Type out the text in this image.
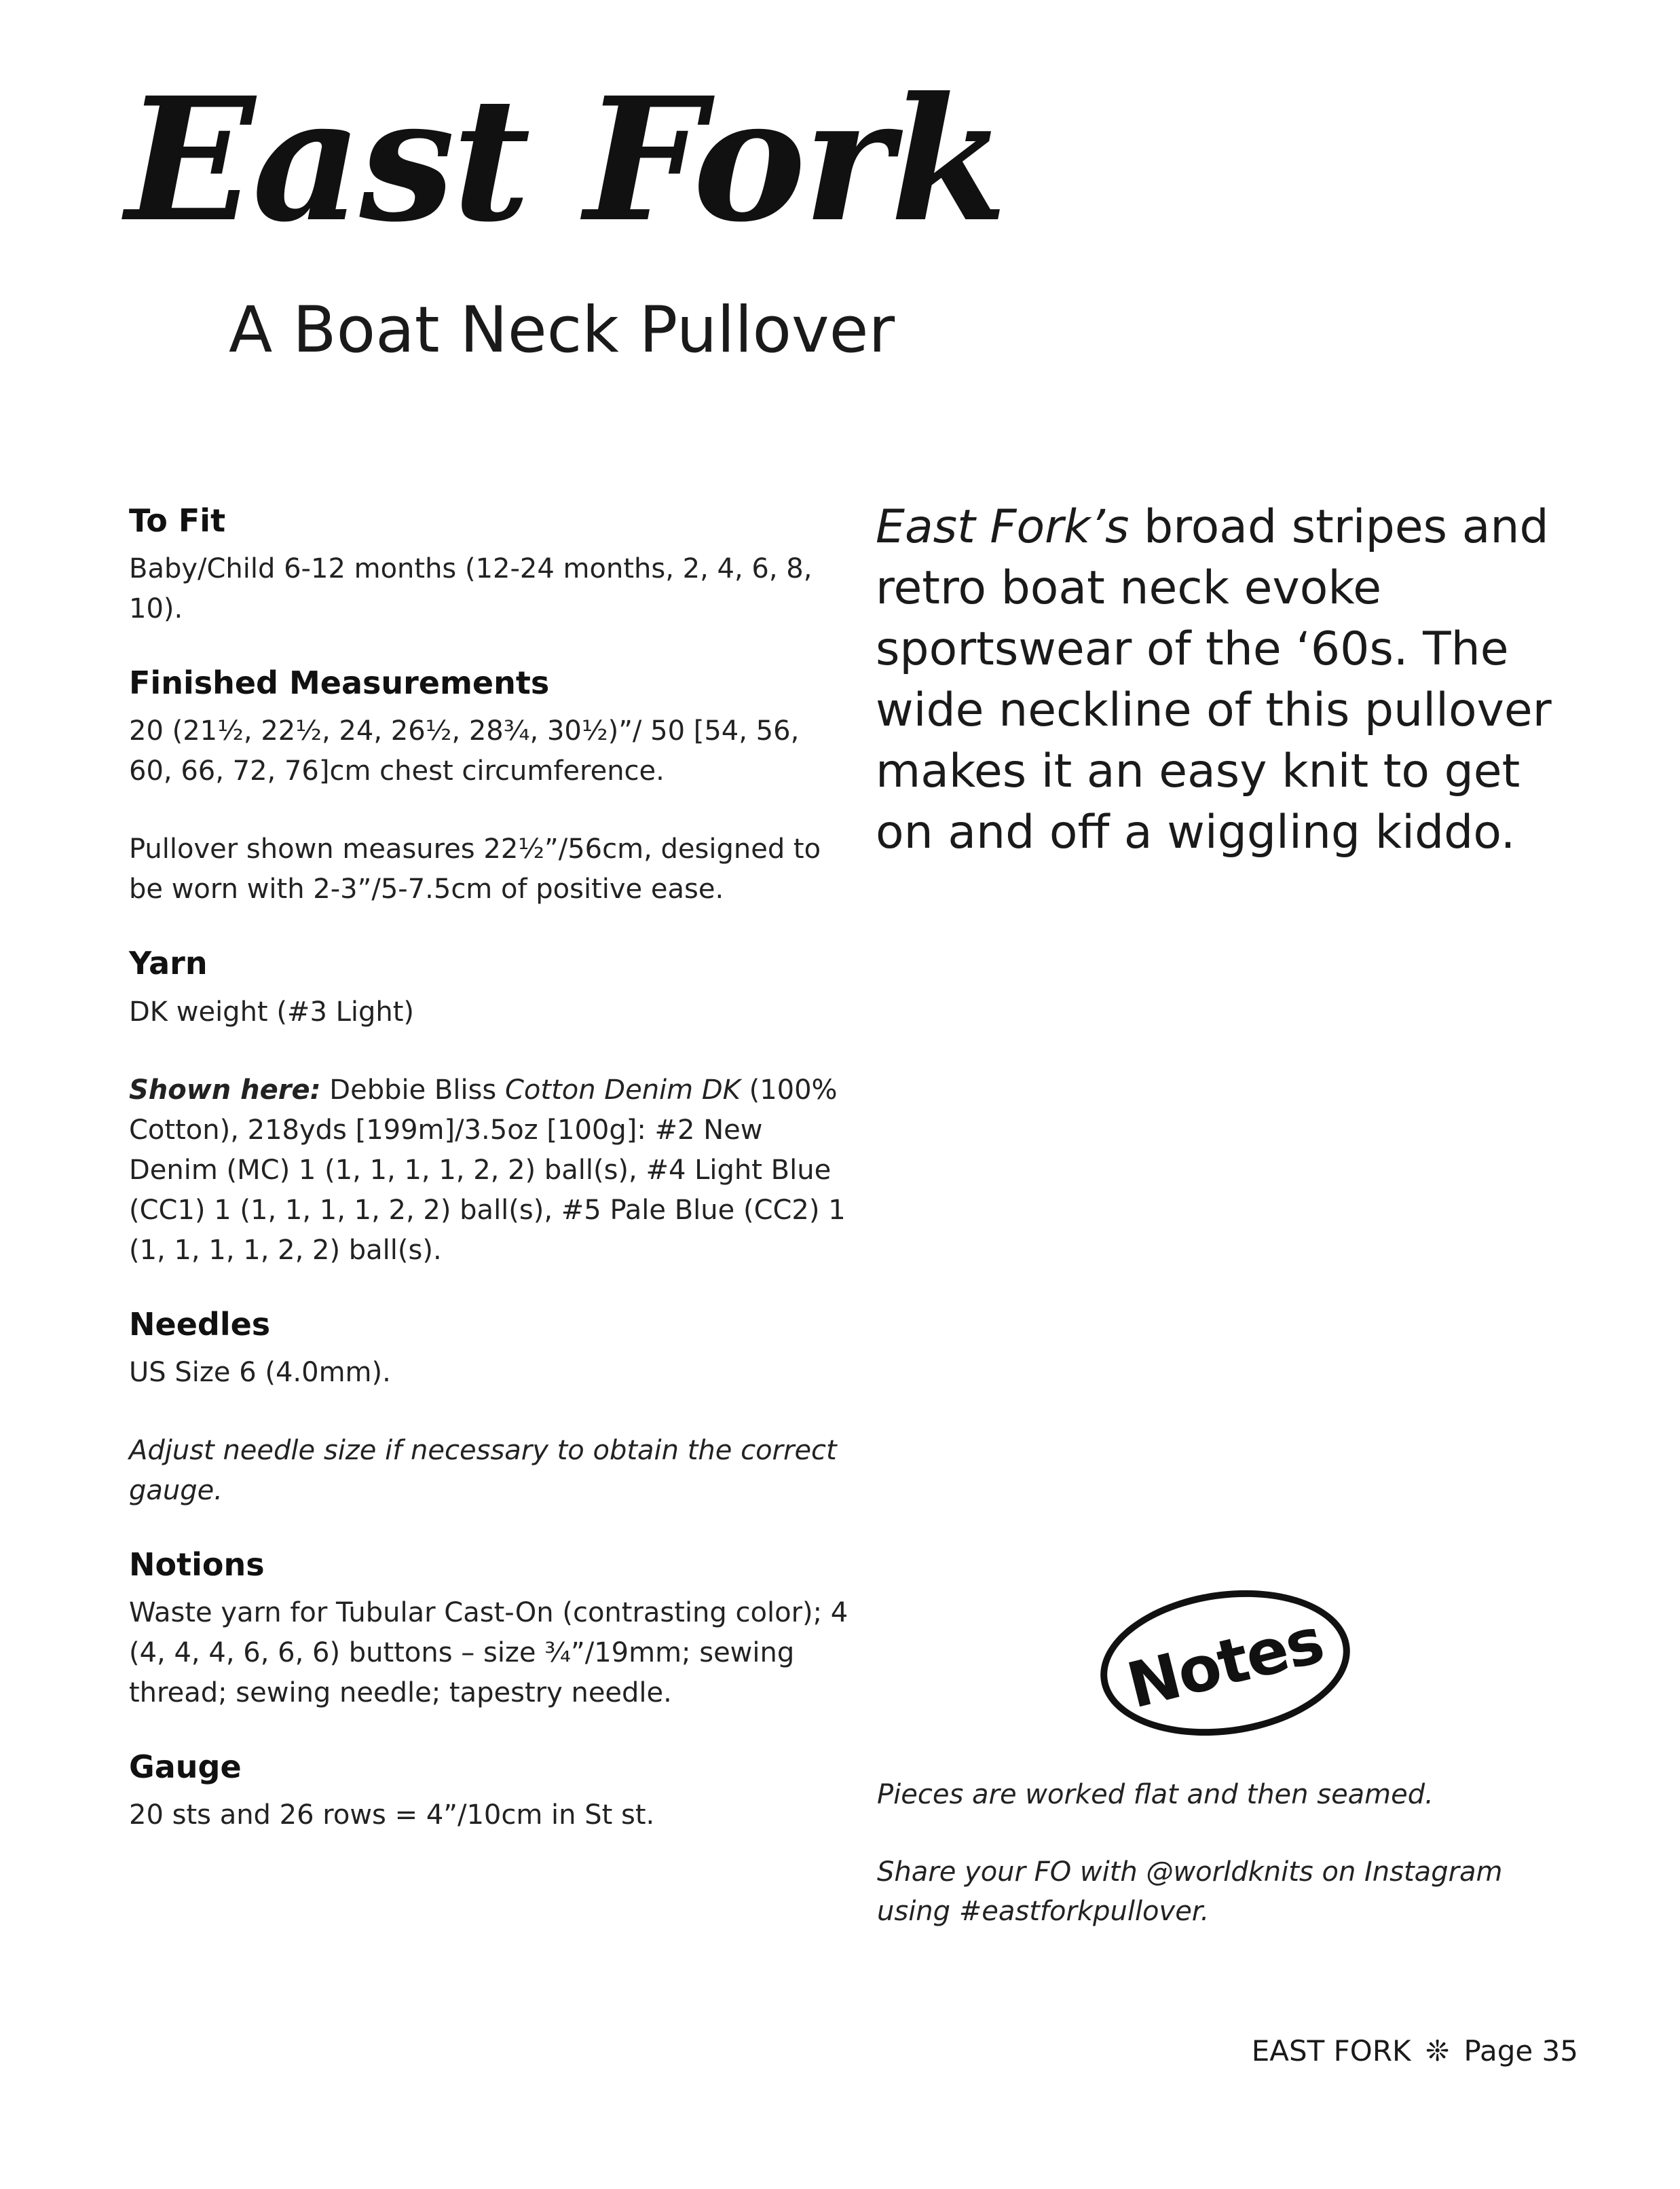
East Fork
A Boat Neck Pullover
To Fit

Baby/Child 6-12 months (12-24 months, 2, 4, 6, 8, 10).

Finished Measurements

20 (21½, 22½, 24, 26½, 28¾, 30½)”/ 50 [54, 56, 60, 66, 72, 76]cm chest circumference.

Pullover shown measures 22½”/56cm, designed to be worn with 2-3”/5-7.5cm of positive ease.

Yarn

DK weight (#3 Light)

Shown here: Debbie Bliss Cotton Denim DK (100% Cotton), 218yds [199m]/3.5oz [100g]: #2 New Denim (MC) 1 (1, 1, 1, 1, 2, 2) ball(s), #4 Light Blue (CC1) 1 (1, 1, 1, 1, 2, 2) ball(s), #5 Pale Blue (CC2) 1 (1, 1, 1, 1, 2, 2) ball(s).

Needles

US Size 6 (4.0mm).

Adjust needle size if necessary to obtain the correct gauge.

Notions

Waste yarn for Tubular Cast-On (contrasting color); 4 (4, 4, 4, 6, 6, 6) buttons – size ¾”/19mm; sewing thread; sewing needle; tapestry needle.

Gauge

20 sts and 26 rows = 4”/10cm in St st.

East Fork’s broad stripes and retro boat neck evoke sportswear of the ‘60s. The wide neckline of this pullover makes it an easy knit to get on and off a wiggling kiddo.

Notes

Pieces are worked flat and then seamed.

Share your FO with @worldknits on Instagram using #eastforkpullover.

EAST FORK ❊ Page 35
